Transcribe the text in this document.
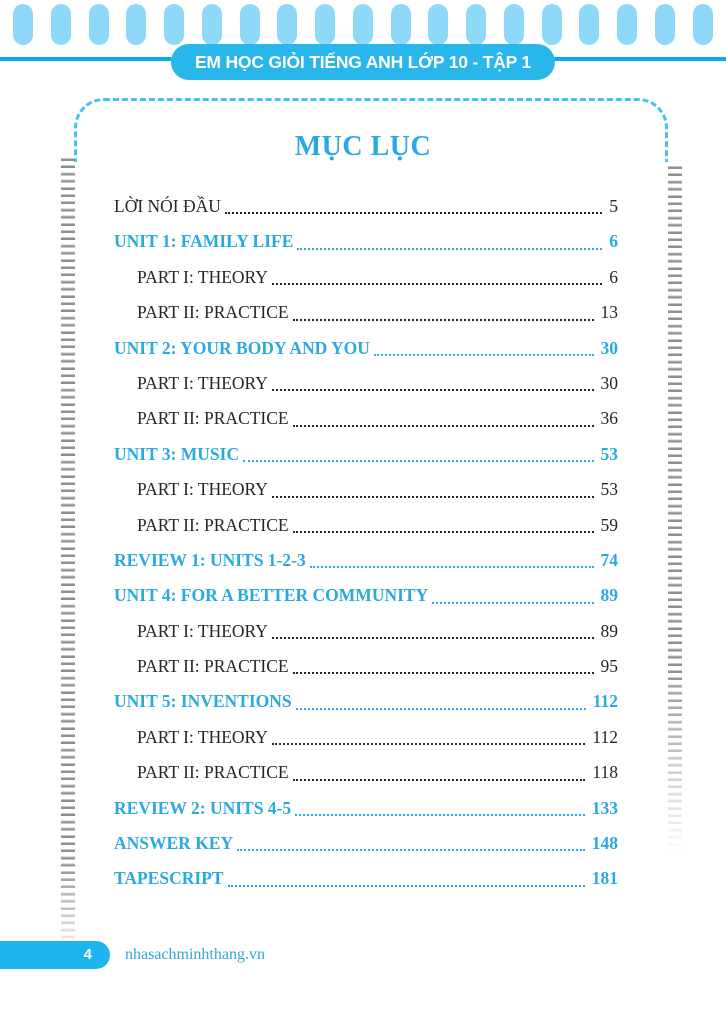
EM HỌC GIỎI TIẾNG ANH LỚP 10 - TẬP 1
MỤC LỤC
LỜI NÓI ĐẦU	5
UNIT 1: FAMILY LIFE	6
PART I: THEORY	6
PART II: PRACTICE	13
UNIT 2: YOUR BODY AND YOU	30
PART I: THEORY	30
PART II: PRACTICE	36
UNIT 3: MUSIC	53
PART I: THEORY	53
PART II: PRACTICE	59
REVIEW 1: UNITS 1-2-3	74
UNIT 4: FOR A BETTER COMMUNITY	89
PART I: THEORY	89
PART II: PRACTICE	95
UNIT 5: INVENTIONS	112
PART I: THEORY	112
PART II: PRACTICE	118
REVIEW 2: UNITS 4-5	133
ANSWER KEY	148
TAPESCRIPT	181
4	nhasachminhthang.vn
